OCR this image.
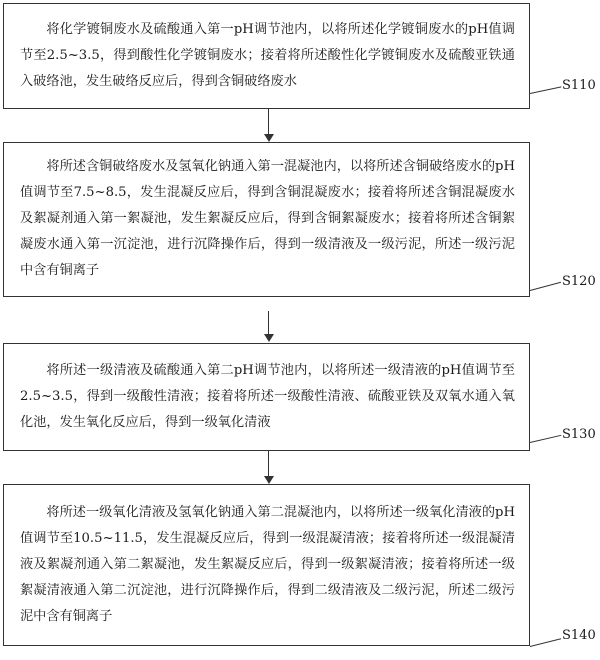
将化学镀铜废水及硫酸通入第一pH调节池内，以将所述化学镀铜废水的pH值调节至2.5~3.5，得到酸性化学镀铜废水；接着将所述酸性化学镀铜废水及硫酸亚铁通入破络池，发生破络反应后，得到含铜破络废水	S110
将所述含铜破络废水及氢氧化钠通入第一混凝池内，以将所述含铜破络废水的pH值调节至7.5~8.5，发生混凝反应后，得到含铜混凝废水；接着将所述含铜混凝废水及絮凝剂通入第一絮凝池，发生絮凝反应后，得到含铜絮凝废水；接着将所述含铜絮凝废水通入第一沉淀池，进行沉降操作后，得到一级清液及一级污泥，所述一级污泥中含有铜离子
S120
将所述一级清液及硫酸通入第二pH调节池内，以将所述一级清液的pH值调节至2.5~3.5，得到一级酸性清液；接着将所述一级酸性清液、硫酸亚铁及双氧水通入氧化池，发生氧化反应后，得到一级氧化清液
S130
将所述一级氧化清液及氢氧化钠通入第二混凝池内，以将所述一级氧化清液的pH值调节至10.5~11.5，发生混凝反应后，得到一级混凝清液；接着将所述一级混凝清液及絮凝剂通入第二絮凝池，发生絮凝反应后，得到一级絮凝清液；接着将所述一级絮凝清液通入第二沉淀池，进行沉降操作后，得到二级清液及二级污泥，所述二级污泥中含有铜离子
S140
